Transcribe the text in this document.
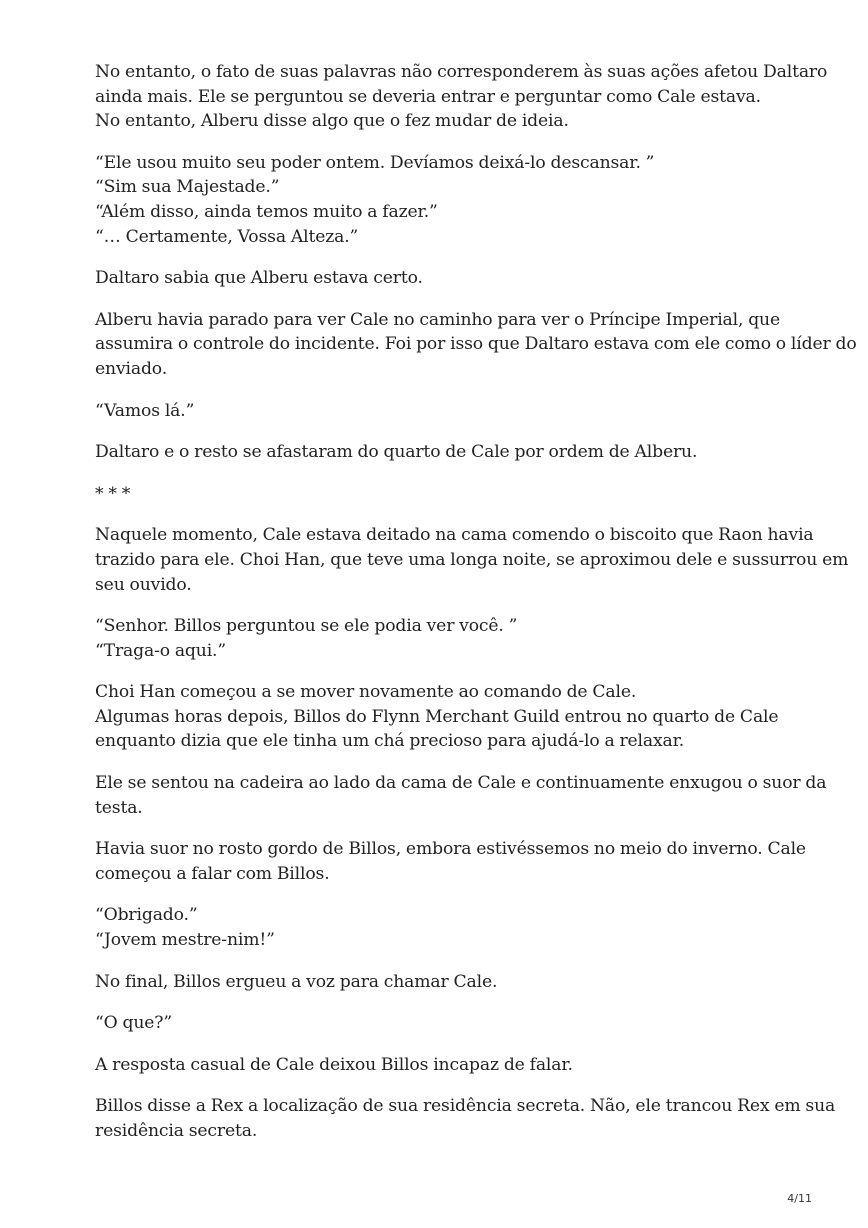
No entanto, o fato de suas palavras não corresponderem às suas ações afetou Daltaro
ainda mais. Ele se perguntou se deveria entrar e perguntar como Cale estava.
No entanto, Alberu disse algo que o fez mudar de ideia.

“Ele usou muito seu poder ontem. Devíamos deixá-lo descansar. ”
“Sim sua Majestade.”
“Além disso, ainda temos muito a fazer.”
“… Certamente, Vossa Alteza.”

Daltaro sabia que Alberu estava certo.

Alberu havia parado para ver Cale no caminho para ver o Príncipe Imperial, que
assumira o controle do incidente. Foi por isso que Daltaro estava com ele como o líder do
enviado.

“Vamos lá.”

Daltaro e o resto se afastaram do quarto de Cale por ordem de Alberu.

* * *

Naquele momento, Cale estava deitado na cama comendo o biscoito que Raon havia
trazido para ele. Choi Han, que teve uma longa noite, se aproximou dele e sussurrou em
seu ouvido.

“Senhor. Billos perguntou se ele podia ver você. ”
“Traga-o aqui.”

Choi Han começou a se mover novamente ao comando de Cale.
Algumas horas depois, Billos do Flynn Merchant Guild entrou no quarto de Cale
enquanto dizia que ele tinha um chá precioso para ajudá-lo a relaxar.

Ele se sentou na cadeira ao lado da cama de Cale e continuamente enxugou o suor da
testa.

Havia suor no rosto gordo de Billos, embora estivéssemos no meio do inverno. Cale
começou a falar com Billos.

“Obrigado.”
“Jovem mestre-nim!”

No final, Billos ergueu a voz para chamar Cale.

“O que?”

A resposta casual de Cale deixou Billos incapaz de falar.

Billos disse a Rex a localização de sua residência secreta. Não, ele trancou Rex em sua
residência secreta.

4/11
